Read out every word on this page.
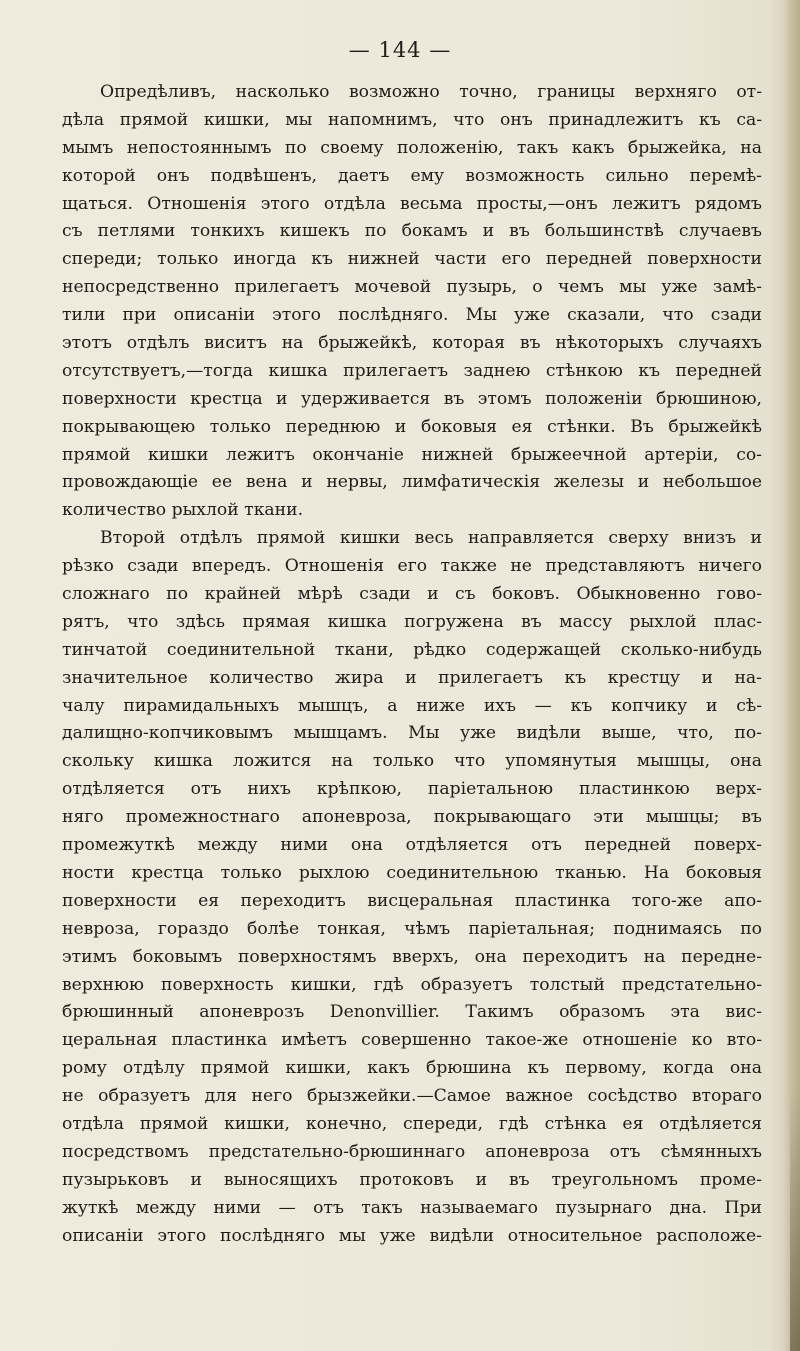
— 144 —
Опредѣливъ, насколько возможно точно, границы верхняго от-
дѣла прямой кишки, мы напомнимъ, что онъ принадлежитъ къ са-
мымъ непостояннымъ по своему положенію, такъ какъ брыжейка, на
которой онъ подвѣшенъ, даетъ ему возможность сильно перемѣ-
щаться. Отношенія этого отдѣла весьма просты,—онъ лежитъ рядомъ
съ петлями тонкихъ кишекъ по бокамъ и въ большинствѣ случаевъ
спереди; только иногда къ нижней части его передней поверхности
непосредственно прилегаетъ мочевой пузырь, о чемъ мы уже замѣ-
тили при описаніи этого послѣдняго. Мы уже сказали, что сзади
этотъ отдѣлъ виситъ на брыжейкѣ, которая въ нѣкоторыхъ случаяхъ
отсутствуетъ,—тогда кишка прилегаетъ заднею стѣнкою къ передней
поверхности крестца и удерживается въ этомъ положеніи брюшиною,
покрывающею только переднюю и боковыя ея стѣнки. Въ брыжейкѣ
прямой кишки лежитъ окончаніе нижней брыжеечной артеріи, со-
провождающіе ее вена и нервы, лимфатическія железы и небольшое
количество рыхлой ткани.
Второй отдѣлъ прямой кишки весь направляется сверху внизъ и
рѣзко сзади впередъ. Отношенія его также не представляютъ ничего
сложнаго по крайней мѣрѣ сзади и съ боковъ. Обыкновенно гово-
рятъ, что здѣсь прямая кишка погружена въ массу рыхлой плас-
тинчатой соединительной ткани, рѣдко содержащей сколько-нибудь
значительное количество жира и прилегаетъ къ крестцу и на-
чалу пирамидальныхъ мышцъ, а ниже ихъ — къ копчику и сѣ-
далищно-копчиковымъ мышцамъ. Мы уже видѣли выше, что, по-
скольку кишка ложится на только что упомянутыя мышцы, она
отдѣляется отъ нихъ крѣпкою, паріетальною пластинкою верх-
няго промежностнаго апоневроза, покрывающаго эти мышцы; въ
промежуткѣ между ними она отдѣляется отъ передней поверх-
ности крестца только рыхлою соединительною тканью. На боковыя
поверхности ея переходитъ висцеральная пластинка того-же апо-
невроза, гораздо болѣе тонкая, чѣмъ паріетальная; поднимаясь по
этимъ боковымъ поверхностямъ вверхъ, она переходитъ на передне-
верхнюю поверхность кишки, гдѣ образуетъ толстый предстательно-
брюшинный апоневрозъ Denonvillier. Такимъ образомъ эта вис-
церальная пластинка имѣетъ совершенно такое-же отношеніе ко вто-
рому отдѣлу прямой кишки, какъ брюшина къ первому, когда она
не образуетъ для него брызжейки.—Самое важное сосѣдство втораго
отдѣла прямой кишки, конечно, спереди, гдѣ стѣнка ея отдѣляется
посредствомъ предстательно-брюшиннаго апоневроза отъ сѣмянныхъ
пузырьковъ и выносящихъ протоковъ и въ треугольномъ проме-
жуткѣ между ними — отъ такъ называемаго пузырнаго дна. При
описаніи этого послѣдняго мы уже видѣли относительное расположе-
